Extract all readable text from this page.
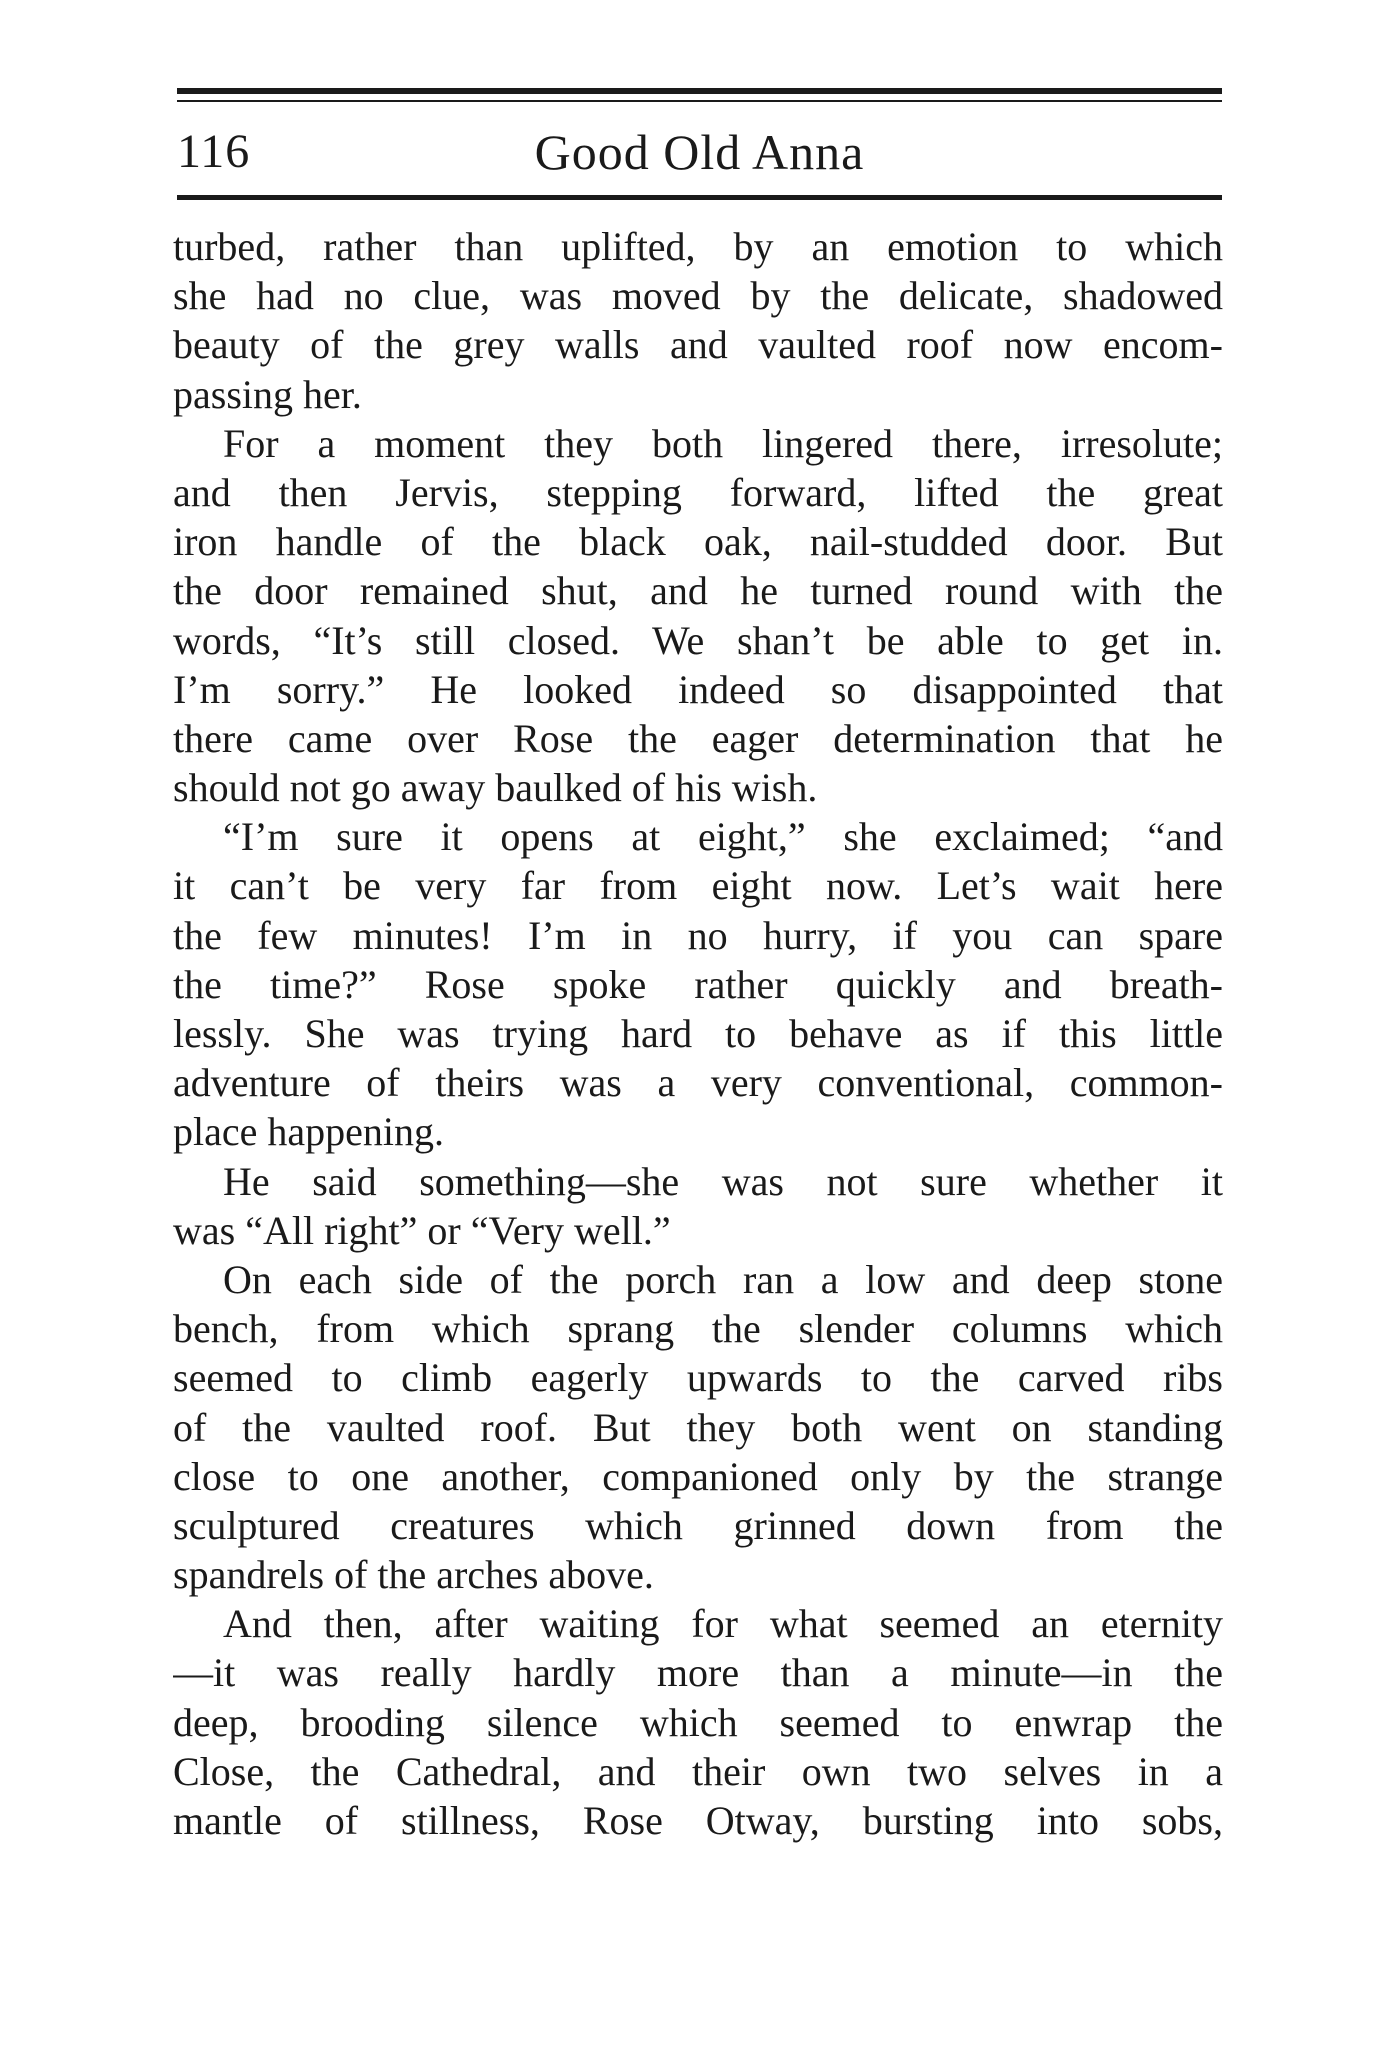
116	Good Old Anna
turbed, rather than uplifted, by an emotion to which
she had no clue, was moved by the delicate, shadowed
beauty of the grey walls and vaulted roof now encom-
passing her.
For a moment they both lingered there, irresolute;
and then Jervis, stepping forward, lifted the great
iron handle of the black oak, nail-studded door. But
the door remained shut, and he turned round with the
words, “It’s still closed. We shan’t be able to get in.
I’m sorry.” He looked indeed so disappointed that
there came over Rose the eager determination that he
should not go away baulked of his wish.
“I’m sure it opens at eight,” she exclaimed; “and
it can’t be very far from eight now. Let’s wait here
the few minutes! I’m in no hurry, if you can spare
the time?” Rose spoke rather quickly and breath-
lessly. She was trying hard to behave as if this little
adventure of theirs was a very conventional, common-
place happening.
He said something—she was not sure whether it
was “All right” or “Very well.”
On each side of the porch ran a low and deep stone
bench, from which sprang the slender columns which
seemed to climb eagerly upwards to the carved ribs
of the vaulted roof. But they both went on standing
close to one another, companioned only by the strange
sculptured creatures which grinned down from the
spandrels of the arches above.
And then, after waiting for what seemed an eternity
—it was really hardly more than a minute—in the
deep, brooding silence which seemed to enwrap the
Close, the Cathedral, and their own two selves in a
mantle of stillness, Rose Otway, bursting into sobs,
